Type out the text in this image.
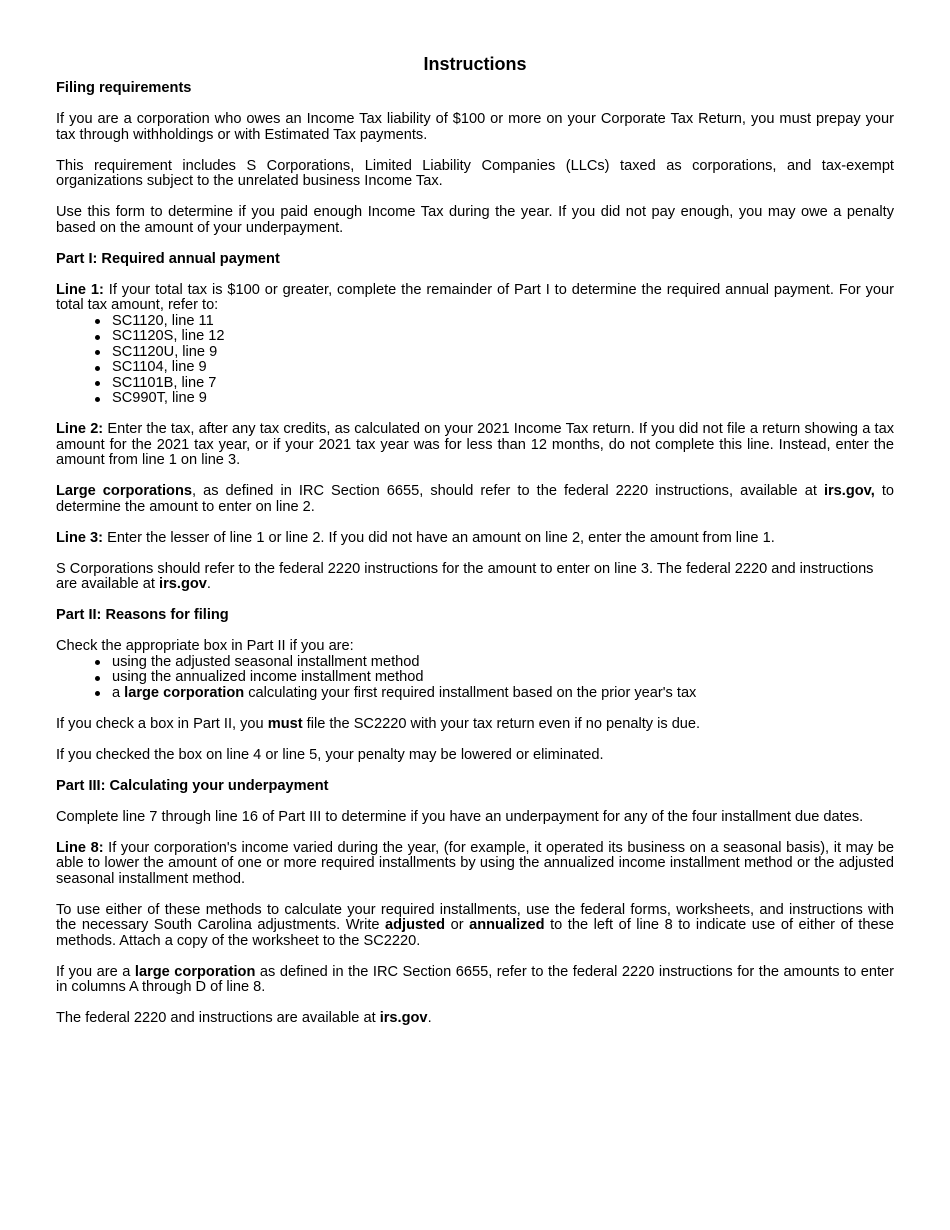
Instructions
Filing requirements

If you are a corporation who owes an Income Tax liability of $100 or more on your Corporate Tax Return, you must prepay your tax through withholdings or with Estimated Tax payments.

This requirement includes S Corporations, Limited Liability Companies (LLCs) taxed as corporations, and tax-exempt organizations subject to the unrelated business Income Tax.

Use this form to determine if you paid enough Income Tax during the year. If you did not pay enough, you may owe a penalty based on the amount of your underpayment.

Part I: Required annual payment

Line 1: If your total tax is $100 or greater, complete the remainder of Part I to determine the required annual payment. For your total tax amount, refer to:

SC1120, line 11
SC1120S, line 12
SC1120U, line 9
SC1104, line 9
SC1101B, line 7
SC990T, line 9

Line 2: Enter the tax, after any tax credits, as calculated on your 2021 Income Tax return. If you did not file a return showing a tax amount for the 2021 tax year, or if your 2021 tax year was for less than 12 months, do not complete this line. Instead, enter the amount from line 1 on line 3.

Large corporations, as defined in IRC Section 6655, should refer to the federal 2220 instructions, available at irs.gov, to determine the amount to enter on line 2.

Line 3: Enter the lesser of line 1 or line 2. If you did not have an amount on line 2, enter the amount from line 1.

S Corporations should refer to the federal 2220 instructions for the amount to enter on line 3. The federal 2220 and instructions are available at irs.gov.

Part II: Reasons for filing

Check the appropriate box in Part II if you are:

using the adjusted seasonal installment method
using the annualized income installment method
a large corporation calculating your first required installment based on the prior year's tax

If you check a box in Part II, you must file the SC2220 with your tax return even if no penalty is due.

If you checked the box on line 4 or line 5, your penalty may be lowered or eliminated.

Part III: Calculating your underpayment

Complete line 7 through line 16 of Part III to determine if you have an underpayment for any of the four installment due dates.

Line 8: If your corporation's income varied during the year, (for example, it operated its business on a seasonal basis), it may be able to lower the amount of one or more required installments by using the annualized income installment method or the adjusted seasonal installment method.

To use either of these methods to calculate your required installments, use the federal forms, worksheets, and instructions with the necessary South Carolina adjustments. Write adjusted or annualized to the left of line 8 to indicate use of either of these methods. Attach a copy of the worksheet to the SC2220.

If you are a large corporation as defined in the IRC Section 6655, refer to the federal 2220 instructions for the amounts to enter in columns A through D of line 8.

The federal 2220 and instructions are available at irs.gov.
